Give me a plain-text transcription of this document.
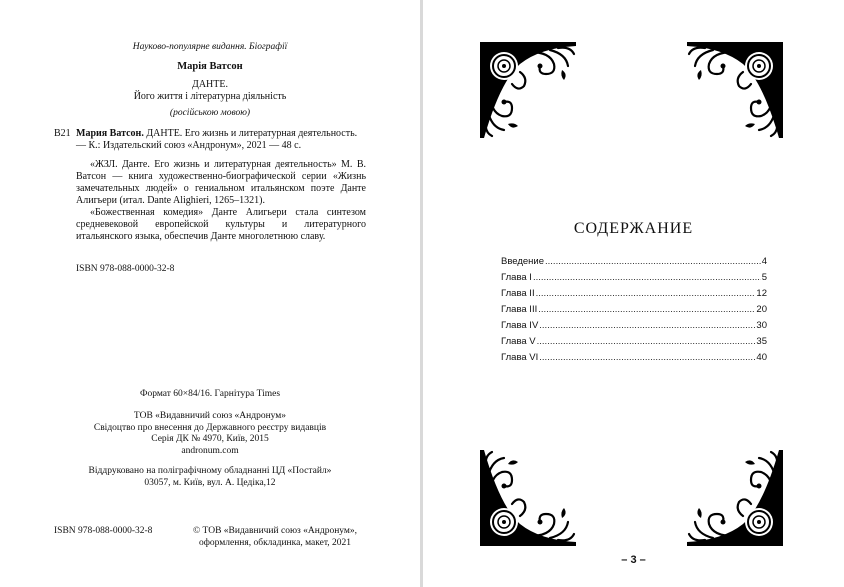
Науково-популярне видання. Біографії
Марія Ватсон
ДАНТЕ.
Його життя і літературна діяльність
(російською мовою)
В21 Мария Ватсон. ДАНТЕ. Его жизнь и литературная деятельность. — К.: Издательский союз «Андронум», 2021 — 48 с.

«ЖЗЛ. Данте. Его жизнь и литературная деятельность» М. В. Ватсон — книга художественно-биографической серии «Жизнь замечательных людей» о гениальном итальянском поэте Данте Алигьери (итал. Dante Alighieri, 1265–1321).

«Божественная комедия» Данте Алигьери стала синтезом средневековой европейской культуры и литературного итальянского языка, обеспечив Данте многолетнюю славу.

ISBN 978-088-0000-32-8
Формат 60×84/16. Гарнітура Times
ТОВ «Видавничий союз «Андронум»
Свідоцтво про внесення до Державного реєстру видавців
Серія ДК № 4970, Київ, 2015
andronum.com
Віддруковано на поліграфічному обладнанні ЦД «Постайл»
03057, м. Київ, вул. А. Цедіка,12
ISBN 978-088-0000-32-8	© ТОВ «Видавничий союз «Андронум»,
оформлення, обкладинка, макет, 2021
СОДЕРЖАНИЕ
Введение .....	4
Глава I .....	5
Глава II .....	12
Глава III .....	20
Глава IV .....	30
Глава V .....	35
Глава VI .....	40
– 3 –
